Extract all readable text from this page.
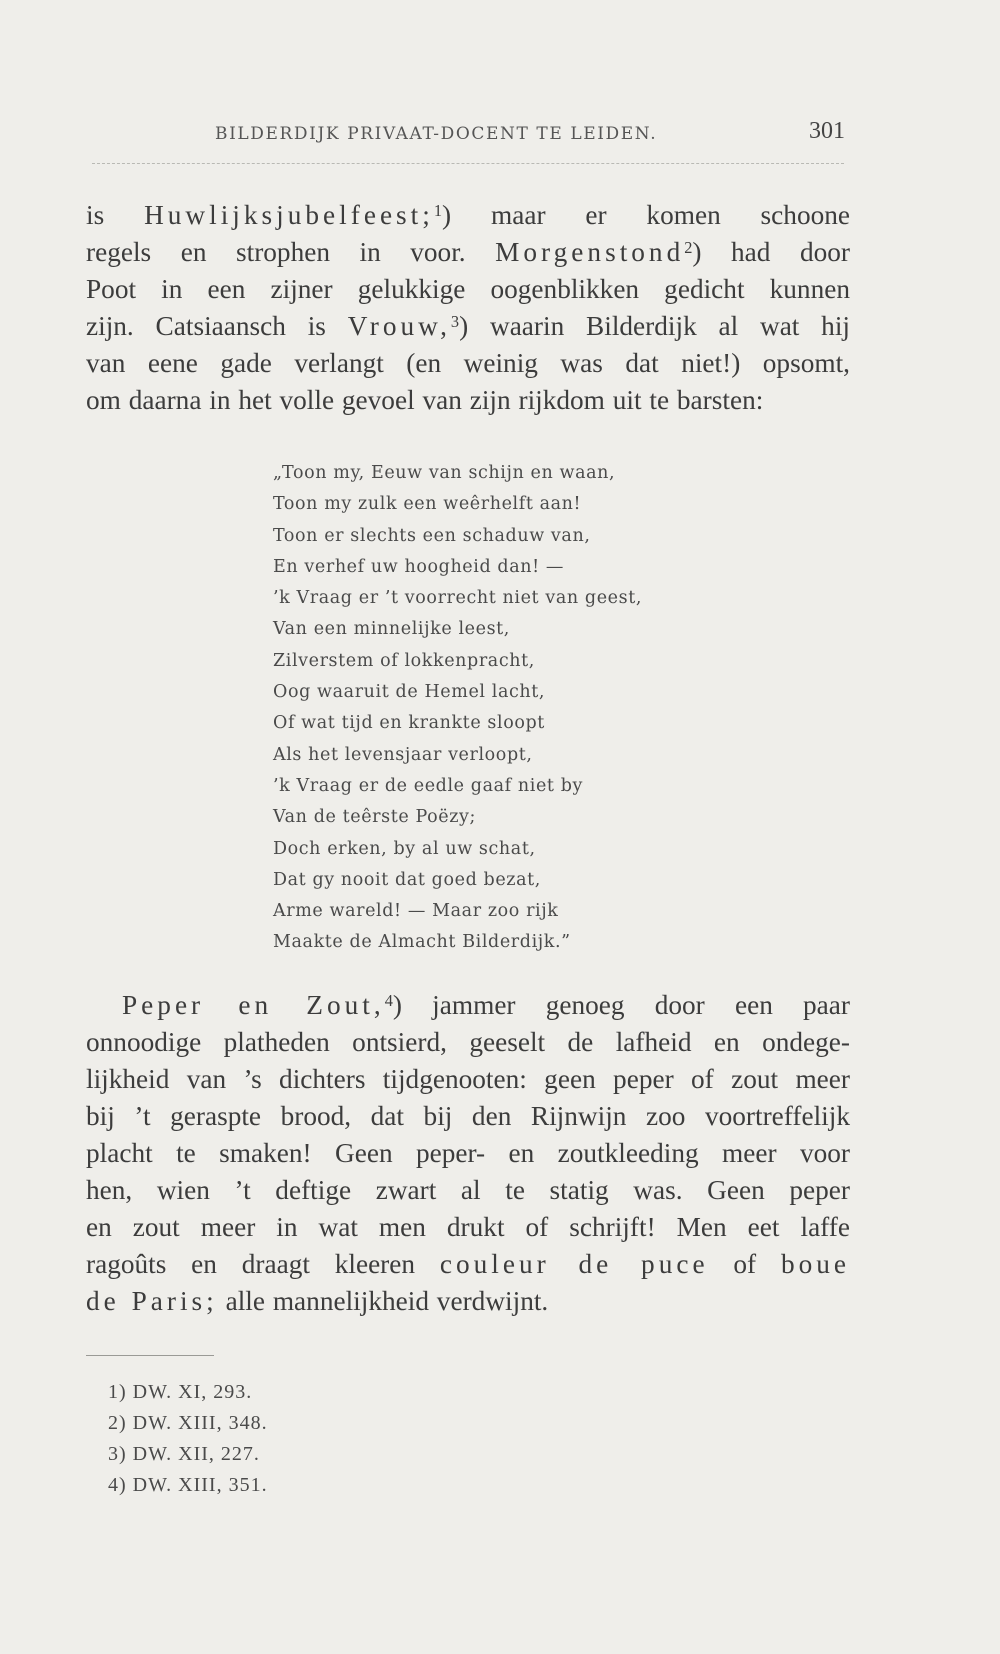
BILDERDIJK PRIVAAT-DOCENT TE LEIDEN.	301
is Huwlijksjubelfeest;$^1$) maar er komen schoone
regels en strophen in voor. Morgenstond$^2$) had door
Poot in een zijner gelukkige oogenblikken gedicht kunnen
zijn. Catsiaansch is Vrouw,$^3$) waarin Bilderdijk al wat hij
van eene gade verlangt (en weinig was dat niet!) opsomt,
om daarna in het volle gevoel van zijn rijkdom uit te barsten:
„Toon my, Eeuw van schijn en waan,
Toon my zulk een weêrhelft aan!
Toon er slechts een schaduw van,
En verhef uw hoogheid dan! —
’k Vraag er ’t voorrecht niet van geest,
Van een minnelijke leest,
Zilverstem of lokkenpracht,
Oog waaruit de Hemel lacht,
Of wat tijd en krankte sloopt
Als het levensjaar verloopt,
’k Vraag er de eedle gaaf niet by
Van de teêrste Poëzy;
Doch erken, by al uw schat,
Dat gy nooit dat goed bezat,
Arme wareld! — Maar zoo rijk
Maakte de Almacht Bilderdijk.”
Peper en Zout,$^4$) jammer genoeg door een paar
onnoodige platheden ontsierd, geeselt de lafheid en ondege-
lijkheid van ’s dichters tijdgenooten: geen peper of zout meer
bij ’t geraspte brood, dat bij den Rijnwijn zoo voortreffelijk
placht te smaken! Geen peper- en zoutkleeding meer voor
hen, wien ’t deftige zwart al te statig was. Geen peper
en zout meer in wat men drukt of schrijft! Men eet laffe
ragoûts en draagt kleeren couleur de puce of boue
de Paris; alle mannelijkheid verdwijnt.
1) DW. XI, 293.
2) DW. XIII, 348.
3) DW. XII, 227.
4) DW. XIII, 351.
